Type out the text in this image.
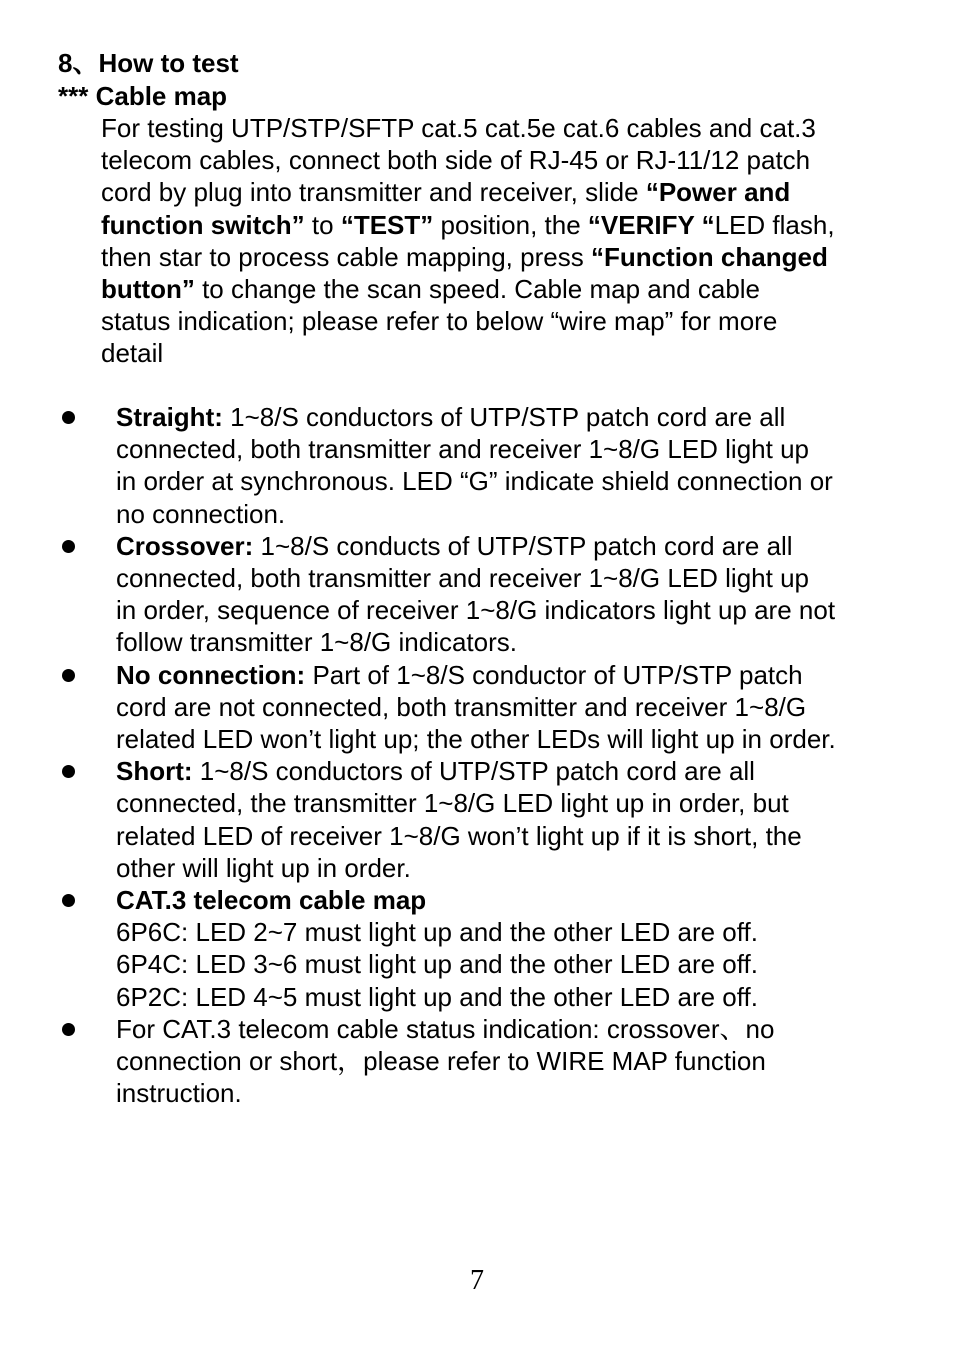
8、How to test
*** Cable map
For testing UTP/STP/SFTP cat.5 cat.5e cat.6 cables and cat.3
telecom cables, connect both side of RJ-45 or RJ-11/12 patch
cord by plug into transmitter and receiver, slide “Power and
function switch” to “TEST” position, the “VERIFY “LED flash,
then star to process cable mapping, press “Function changed
button” to change the scan speed. Cable map and cable
status indication; please refer to below “wire map” for more
detail
Straight: 1~8/S conductors of UTP/STP patch cord are all
connected, both transmitter and receiver 1~8/G LED light up
in order at synchronous. LED “G” indicate shield connection or
no connection.
Crossover: 1~8/S conducts of UTP/STP patch cord are all
connected, both transmitter and receiver 1~8/G LED light up
in order, sequence of receiver 1~8/G indicators light up are not
follow transmitter 1~8/G indicators.
No connection: Part of 1~8/S conductor of UTP/STP patch
cord are not connected, both transmitter and receiver 1~8/G
related LED won’t light up; the other LEDs will light up in order.
Short: 1~8/S conductors of UTP/STP patch cord are all
connected, the transmitter 1~8/G LED light up in order, but
related LED of receiver 1~8/G won’t light up if it is short, the
other will light up in order.
CAT.3 telecom cable map
6P6C: LED 2~7 must light up and the other LED are off.
6P4C: LED 3~6 must light up and the other LED are off.
6P2C: LED 4~5 must light up and the other LED are off.
For CAT.3 telecom cable status indication: crossover、no
connection or short，please refer to WIRE MAP function
instruction.
7
